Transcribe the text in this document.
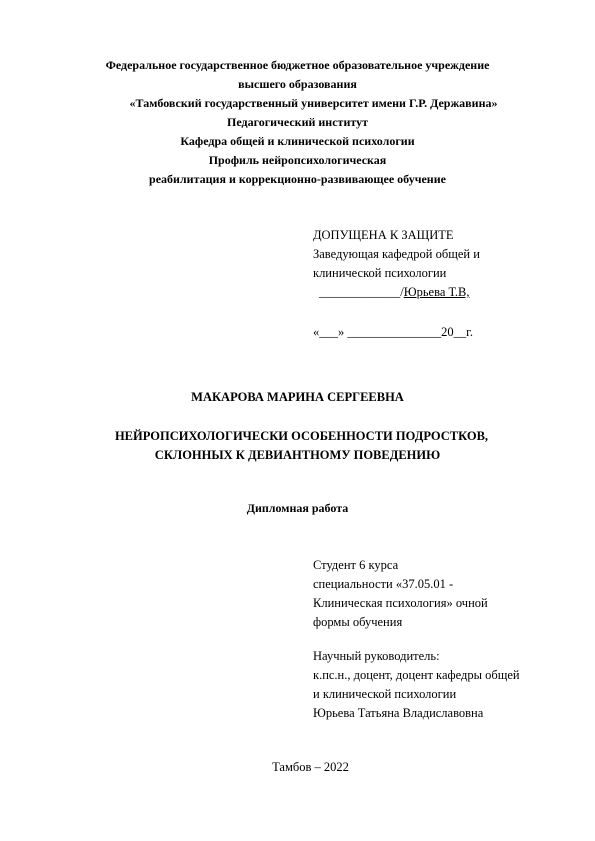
Федеральное государственное бюджетное образовательное учреждение
высшего образования
«Тамбовский государственный университет имени Г.Р. Державина»
Педагогический институт
Кафедра общей и клинической психологии
Профиль нейропсихологическая
реабилитация и коррекционно-развивающее обучение
ДОПУЩЕНА К ЗАЩИТЕ
Заведующая кафедрой общей и
клинической психологии
_____________/Юрьева Т.В,
«___» _______________20__г.
МАКАРОВА МАРИНА СЕРГЕЕВНА
НЕЙРОПСИХОЛОГИЧЕСКИ ОСОБЕННОСТИ ПОДРОСТКОВ,
СКЛОННЫХ К ДЕВИАНТНОМУ ПОВЕДЕНИЮ
Дипломная работа
Студент 6 курса
специальности «37.05.01 -
Клиническая психология» очной
формы обучения
Научный руководитель:
к.пс.н., доцент, доцент кафедры общей
и клинической психологии
Юрьева Татьяна Владиславовна
Тамбов – 2022
